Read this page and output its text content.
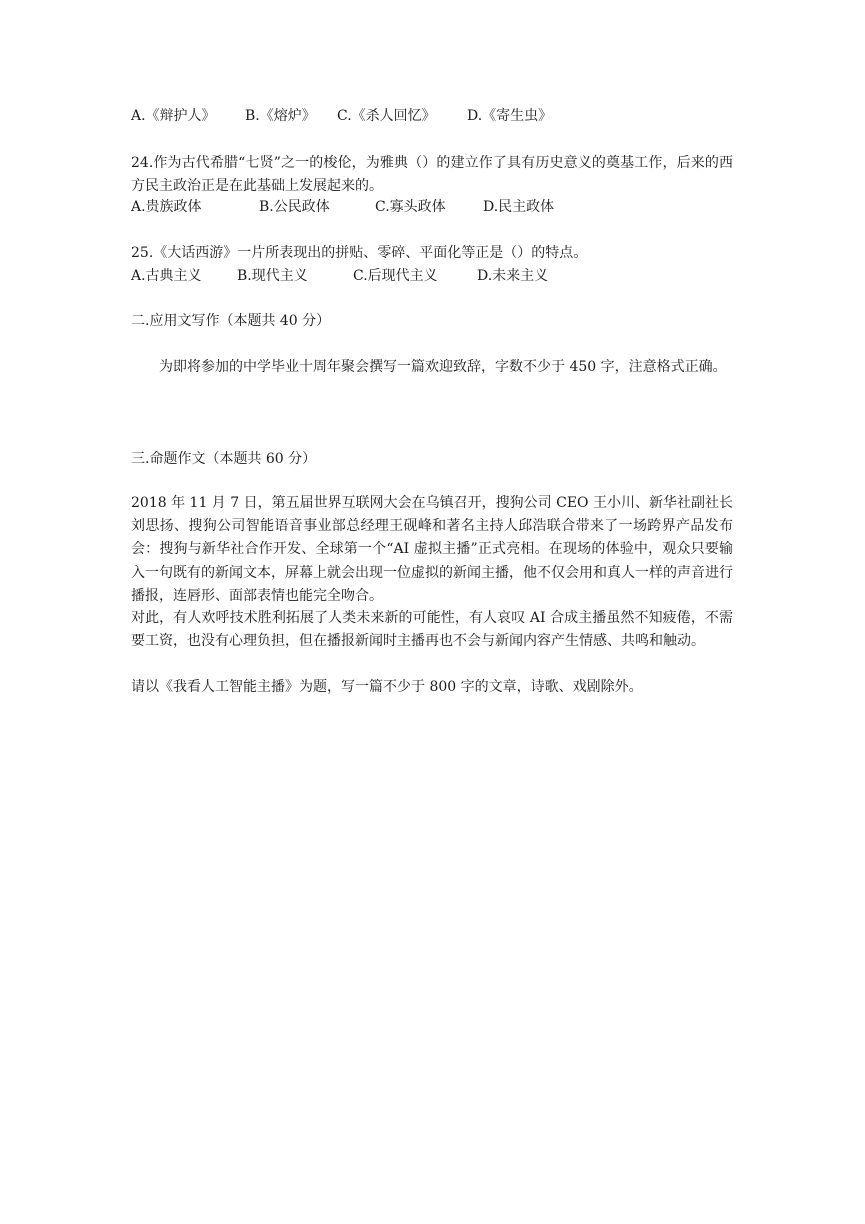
A.《辩护人》 B.《熔炉》 C.《杀人回忆》 D.《寄生虫》
24.作为古代希腊“七贤”之一的梭伦，为雅典（）的建立作了具有历史意义的奠基工作，后来的西方民主政治正是在此基础上发展起来的。
A.贵族政体	B.公民政体	C.寡头政体	D.民主政体
25.《大话西游》一片所表现出的拼贴、零碎、平面化等正是（）的特点。
A.古典主义	B.现代主义	C.后现代主义	D.未来主义
二.应用文写作（本题共 40 分）
为即将参加的中学毕业十周年聚会撰写一篇欢迎致辞，字数不少于 450 字，注意格式正确。
三.命题作文（本题共 60 分）
2018 年 11 月 7 日，第五届世界互联网大会在乌镇召开，搜狗公司 CEO 王小川、新华社副社长刘思扬、搜狗公司智能语音事业部总经理王砚峰和著名主持人邱浩联合带来了一场跨界产品发布会：搜狗与新华社合作开发、全球第一个“AI 虚拟主播”正式亮相。在现场的体验中，观众只要输入一句既有的新闻文本，屏幕上就会出现一位虚拟的新闻主播，他不仅会用和真人一样的声音进行播报，连唇形、面部表情也能完全吻合。
对此，有人欢呼技术胜利拓展了人类未来新的可能性，有人哀叹 AI 合成主播虽然不知疲倦，不需要工资，也没有心理负担，但在播报新闻时主播再也不会与新闻内容产生情感、共鸣和触动。
请以《我看人工智能主播》为题，写一篇不少于 800 字的文章，诗歌、戏剧除外。
